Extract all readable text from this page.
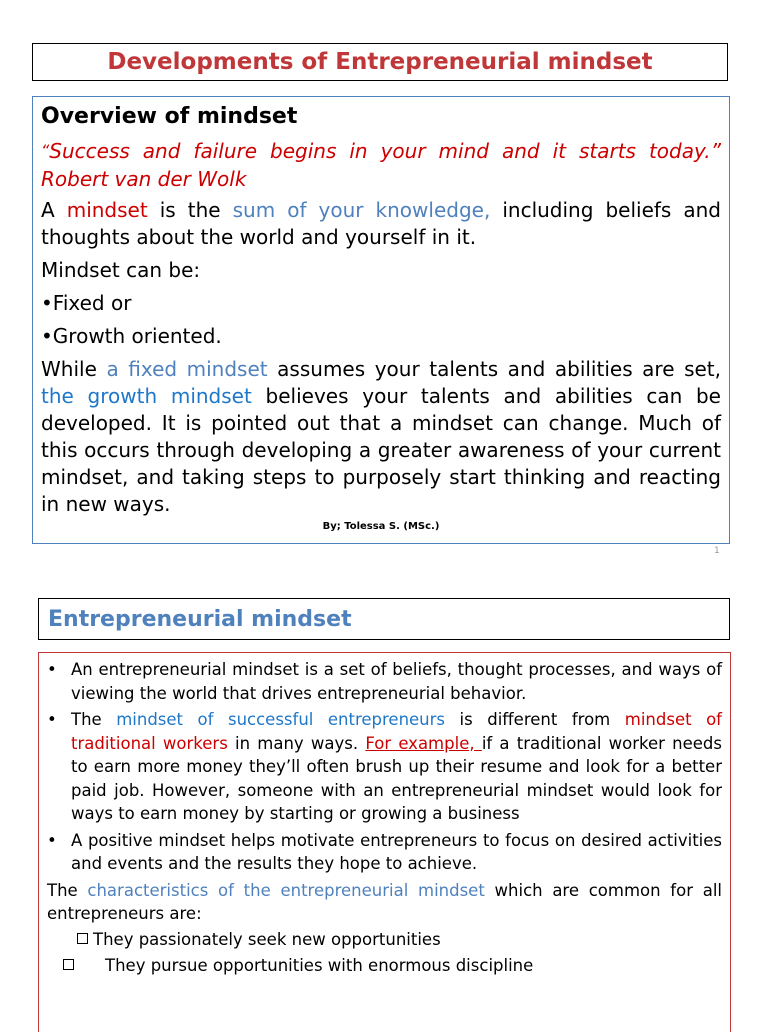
Developments of Entrepreneurial mindset
Overview of mindset

“Success and failure begins in your mind and it starts today.” Robert van der Wolk

A mindset is the sum of your knowledge, including beliefs and thoughts about the world and yourself in it.

Mindset can be:

•Fixed or

•Growth oriented.

While a fixed mindset assumes your talents and abilities are set, the growth mindset believes your talents and abilities can be developed. It is pointed out that a mindset can change. Much of this occurs through developing a greater awareness of your current mindset, and taking steps to purposely start thinking and reacting in new ways.

By; Tolessa S. (MSc.)
1
Entrepreneurial mindset
• An entrepreneurial mindset is a set of beliefs, thought processes, and ways of viewing the world that drives entrepreneurial behavior.
• The mindset of successful entrepreneurs is different from mindset of traditional workers in many ways. For example, if a traditional worker needs to earn more money they’ll often brush up their resume and look for a better paid job. However, someone with an entrepreneurial mindset would look for ways to earn money by starting or growing a business
• A positive mindset helps motivate entrepreneurs to focus on desired activities and events and the results they hope to achieve.

The characteristics of the entrepreneurial mindset which are common for all entrepreneurs are:

They passionately seek new opportunities
They pursue opportunities with enormous discipline
